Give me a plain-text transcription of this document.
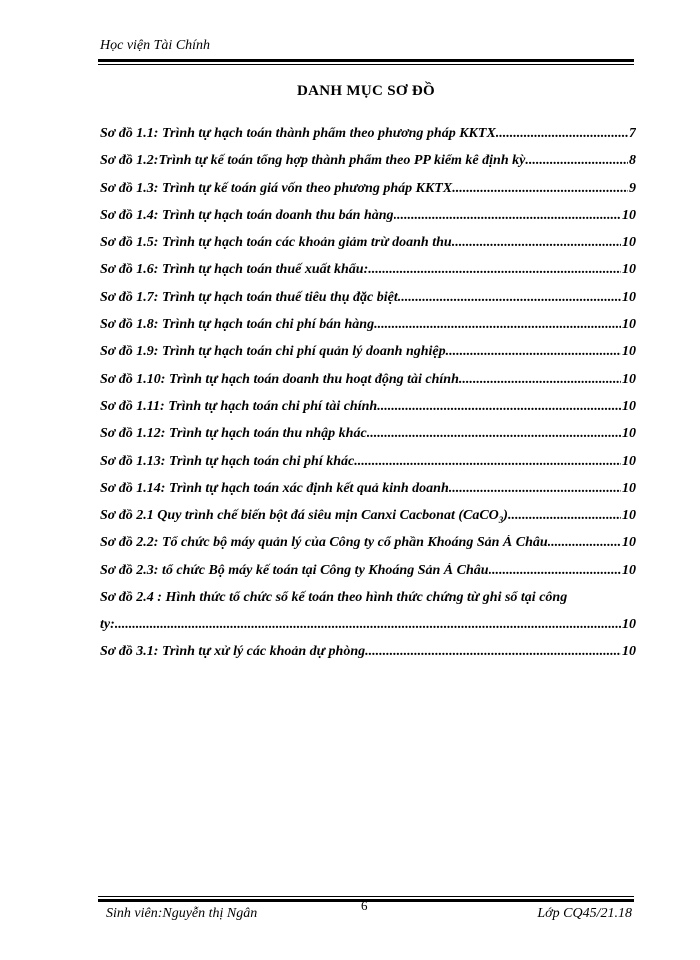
Học viện Tài Chính
DANH MỤC SƠ ĐỒ
Sơ đồ 1.1: Trình tự hạch toán thành phẩm theo phương pháp KKTX .....	7
Sơ đồ 1.2:Trình tự kế toán tổng hợp thành phẩm theo PP kiểm kê định kỳ .....	8
Sơ đồ 1.3: Trình tự kế toán giá vốn theo phương pháp KKTX .....	9
Sơ đồ 1.4: Trình tự hạch toán doanh thu bán hàng .....	10
Sơ đồ 1.5: Trình tự hạch toán các khoản giảm trừ doanh thu .....	10
Sơ đồ 1.6: Trình tự hạch toán thuế xuất khẩu: .....	10
Sơ đồ 1.7: Trình tự hạch toán thuế tiêu thụ đặc biệt .....	10
Sơ đồ 1.8: Trình tự hạch toán chi phí bán hàng .....	10
Sơ đồ 1.9: Trình tự hạch toán chi phí quản lý doanh nghiệp. .....	10
Sơ đồ 1.10: Trình tự hạch toán doanh thu hoạt động tài chính .....	10
Sơ đồ 1.11: Trình tự hạch toán chi phí tài chính .....	10
Sơ đồ 1.12: Trình tự hạch toán thu nhập khác .....	10
Sơ đồ 1.13: Trình tự hạch toán chi phí khác .....	10
Sơ đồ 1.14: Trình tự hạch toán xác định kết quả kinh doanh .....	10
Sơ đồ 2.1 Quy trình chế biến bột đá siêu mịn Canxi Cacbonat (CaCO$_3$) .....	10
Sơ đồ 2.2: Tổ chức bộ máy quản lý của Công ty cổ phần Khoáng Sản Á Châu .....	10
Sơ đồ 2.3: tổ chức Bộ máy kế toán tại Công ty Khoáng Sản Á Châu .....	10
Sơ đồ 2.4 : Hình thức tổ chức sổ kế toán theo hình thức chứng từ ghi sổ tại công
ty: .....	10
Sơ đồ 3.1: Trình tự xử lý các khoản dự phòng .....	10
Sinh viên:Nguyễn thị Ngân
6
Lớp CQ45/21.18
